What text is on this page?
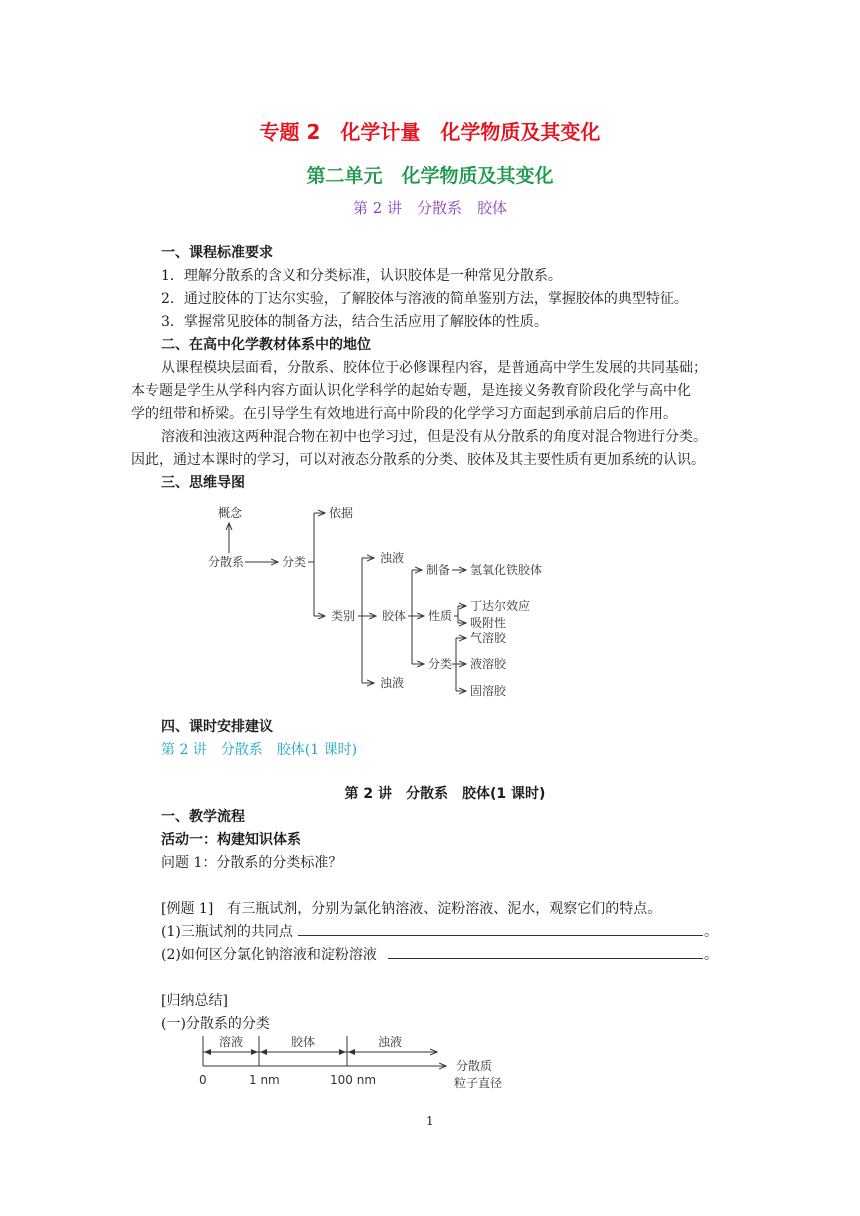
专题 2　化学计量　化学物质及其变化
第二单元　化学物质及其变化
第 2 讲　分散系　胶体
一、课程标准要求
1．理解分散系的含义和分类标准，认识胶体是一种常见分散系。
2．通过胶体的丁达尔实验，了解胶体与溶液的简单鉴别方法，掌握胶体的典型特征。
3．掌握常见胶体的制备方法，结合生活应用了解胶体的性质。
二、在高中化学教材体系中的地位
从课程模块层面看，分散系、胶体位于必修课程内容，是普通高中学生发展的共同基础；
本专题是学生从学科内容方面认识化学科学的起始专题，是连接义务教育阶段化学与高中化
学的纽带和桥梁。在引导学生有效地进行高中阶段的化学学习方面起到承前启后的作用。
溶液和浊液这两种混合物在初中也学习过，但是没有从分散系的角度对混合物进行分类。
因此，通过本课时的学习，可以对液态分散系的分类、胶体及其主要性质有更加系统的认识。
三、思维导图
概念
分散系	分类
依据
类别
浊液
胶体
浊液
制备 氢氧化铁胶体
性质
丁达尔效应
吸附性
分类
气溶胶
液溶胶
固溶胶
四、课时安排建议
第 2 讲　分散系　胶体(1 课时)
第 2 讲　分散系　胶体(1 课时)
一、教学流程
活动一：构建知识体系
问题 1：分散系的分类标准？
[例题 1]　有三瓶试剂，分别为氯化钠溶液、淀粉溶液、泥水，观察它们的特点。
(1)三瓶试剂的共同点	。
(2)如何区分氯化钠溶液和淀粉溶液	。
[归纳总结]
(一)分散系的分类
溶液	胶体	浊液
0	1 nm	100 nm
分散质
粒子直径
1
